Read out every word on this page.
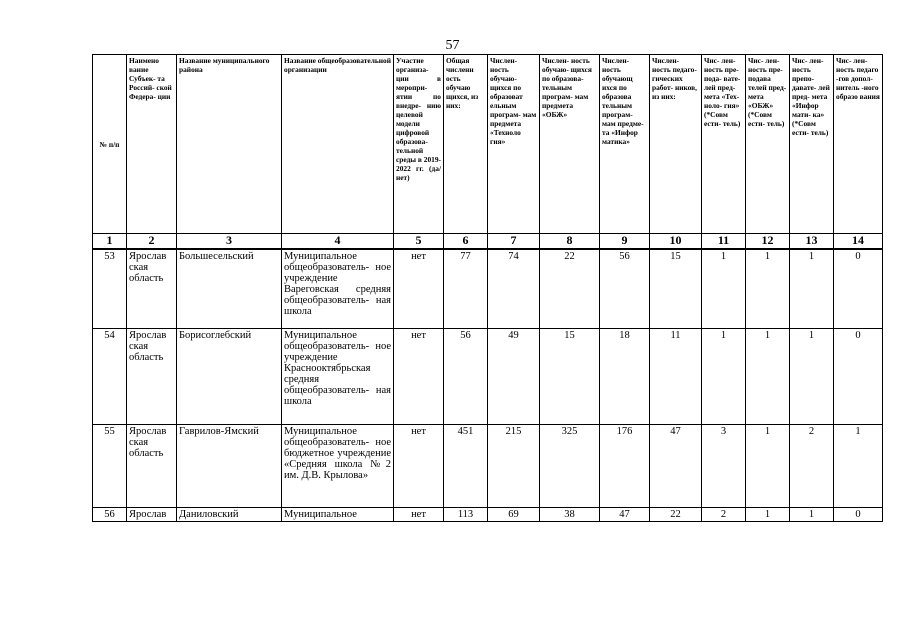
57
№ п/п	Наимено вание Субъек- та Россий- ской Федера- ции	Название муниципального района	Название общеобразовательной организации	Участие организа- ции в меропри- ятии по внедре- нию целевой модели цифровой образова- тельной среды в 2019-2022 гг. (да/нет)	Общая численн ость обучаю щихся, из них:	Числен- ность обучаю- щихся по образоват ельным програм- мам предмета «Техноло гия»	Числен- ность обучаю- щихся по образова- тельным програм- мам предмета «ОБЖ»	Числен- ность обучающ ихся по образова тельным програм- мам предме- та «Инфор матика»	Числен- ность педаго- гических работ- ников, из них:	Чис- лен- ность пре- пода- вате- лей пред- мета «Тех- ноло- гия» (*Совм ести- тель)	Чис- лен- ность пре- подава телей пред- мета «ОБЖ» (*Совм ести- тель)	Чис- лен- ность препо- давате- лей пред- мета «Инфор мати- ка» (*Совм ести- тель)	Чис- лен- ность педаго -гов допол- нитель -ного образо вания
1	2	3	4	5	6	7	8	9	10	11	12	13	14
53	Ярослав ская область	Большесельский	Муниципальное общеобразователь- ное учреждение Вареговская средняя общеобразователь- ная школа	нет	77	74	22	56	15	1	1	1	0
54	Ярослав ская область	Борисоглебский	Муниципальное общеобразователь- ное учреждение Красноoктябрьская средняя общеобразователь- ная школа	нет	56	49	15	18	11	1	1	1	0
55	Ярослав ская область	Гаврилов-Ямский	Муниципальное общеобразователь- ное бюджетное учреждение «Средняя школа №2 им. Д.В. Крылова»	нет	451	215	325	176	47	3	1	2	1
56	Ярослав	Даниловский	Муниципальное	нет	113	69	38	47	22	2	1	1	0
